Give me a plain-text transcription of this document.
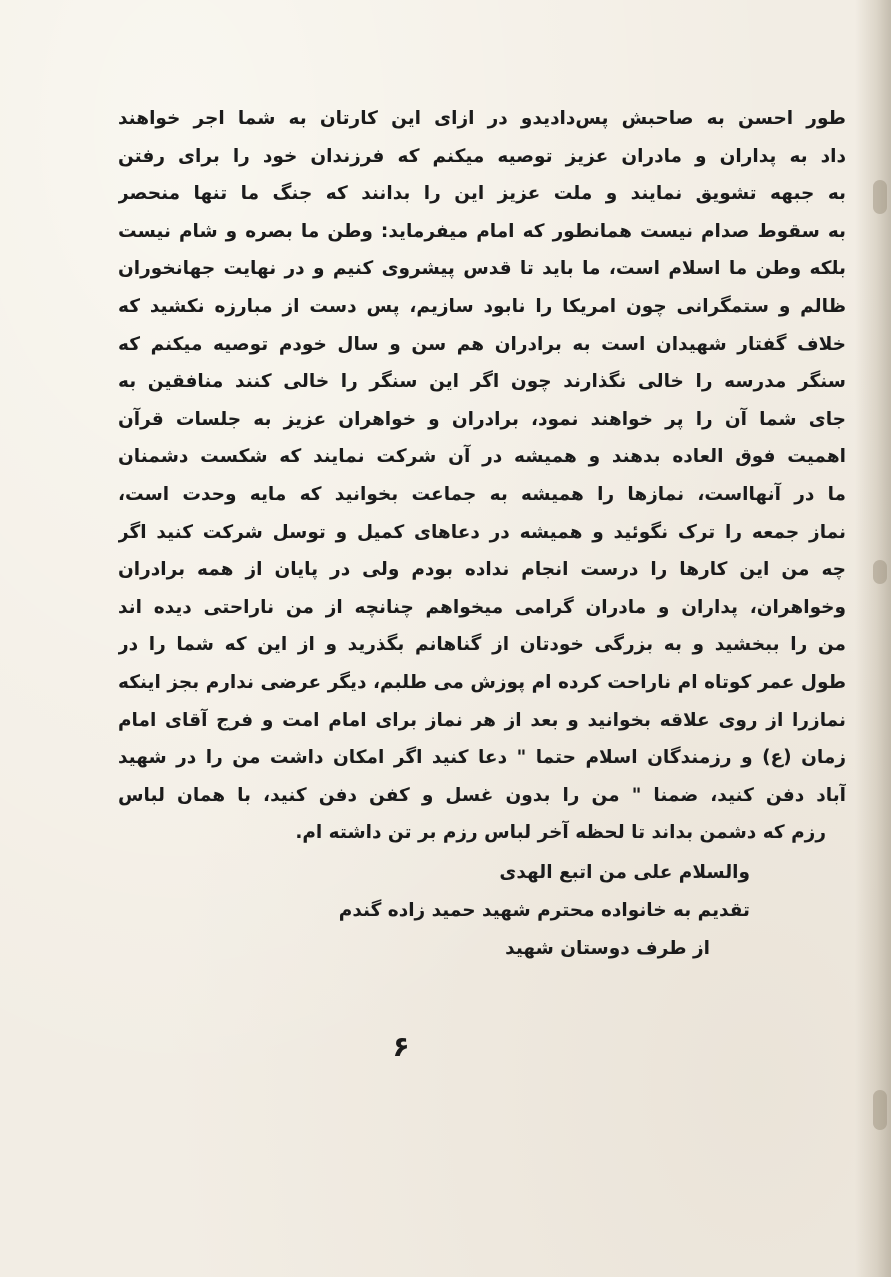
طور احسن به صاحبش پس‌دادیدو در ازای این کارتان به شما اجر خواهند
داد به پداران و مادران عزیز توصیه میکنم که فرزندان خود را برای رفتن
به جبهه تشویق نمایند و ملت عزیز این را بدانند که جنگ ما تنها منحصر
به سقوط صدام نیست همانطور که امام میفرماید: وطن ما بصره و شام نیست
بلکه وطن ما اسلام است، ما باید تا قدس پیشروی کنیم و در نهایت جهانخوران
ظالم و ستمگرانی چون امریکا را نابود سازیم، پس دست از مبارزه نکشید که
خلاف گفتار شهیدان است به برادران هم سن و سال خودم توصیه میکنم که
سنگر مدرسه را خالی نگذارند چون اگر این سنگر را خالی کنند منافقین به
جای شما آن را پر خواهند نمود، برادران و خواهران عزیز به جلسات قرآن
اهمیت فوق العاده بدهند و همیشه در آن شرکت نمایند که شکست دشمنان
ما در آنهااست، نمازها را همیشه به جماعت بخوانید که مایه وحدت است،
نماز جمعه را ترک نگوئید و همیشه در دعاهای کمیل و توسل شرکت کنید اگر
چه من این کارها را درست انجام نداده بودم ولی در پایان از همه برادران
وخواهران، پداران و مادران گرامی میخواهم چنانچه از من ناراحتی دیده اند
من را ببخشید و به بزرگی خودتان از گناهانم بگذرید و از این که شما را در
طول عمر کوتاه ام ناراحت کرده ام پوزش می طلبم، دیگر عرضی ندارم بجز اینکه
نمازرا از روی علاقه بخوانید و بعد از هر نماز برای امام امت و فرج آقای امام
زمان (ع) و رزمندگان اسلام حتما " دعا کنید اگر امکان داشت من را در شهید
آباد دفن کنید، ضمنا " من را بدون غسل و کفن دفن کنید، با همان لباس
رزم که دشمن بداند تا لحظه آخر لباس رزم بر تن داشته ام.
والسلام علی من اتبع الهدی
تقدیم به خانواده محترم شهید حمید زاده گندم
از طرف دوستان شهید
۶
